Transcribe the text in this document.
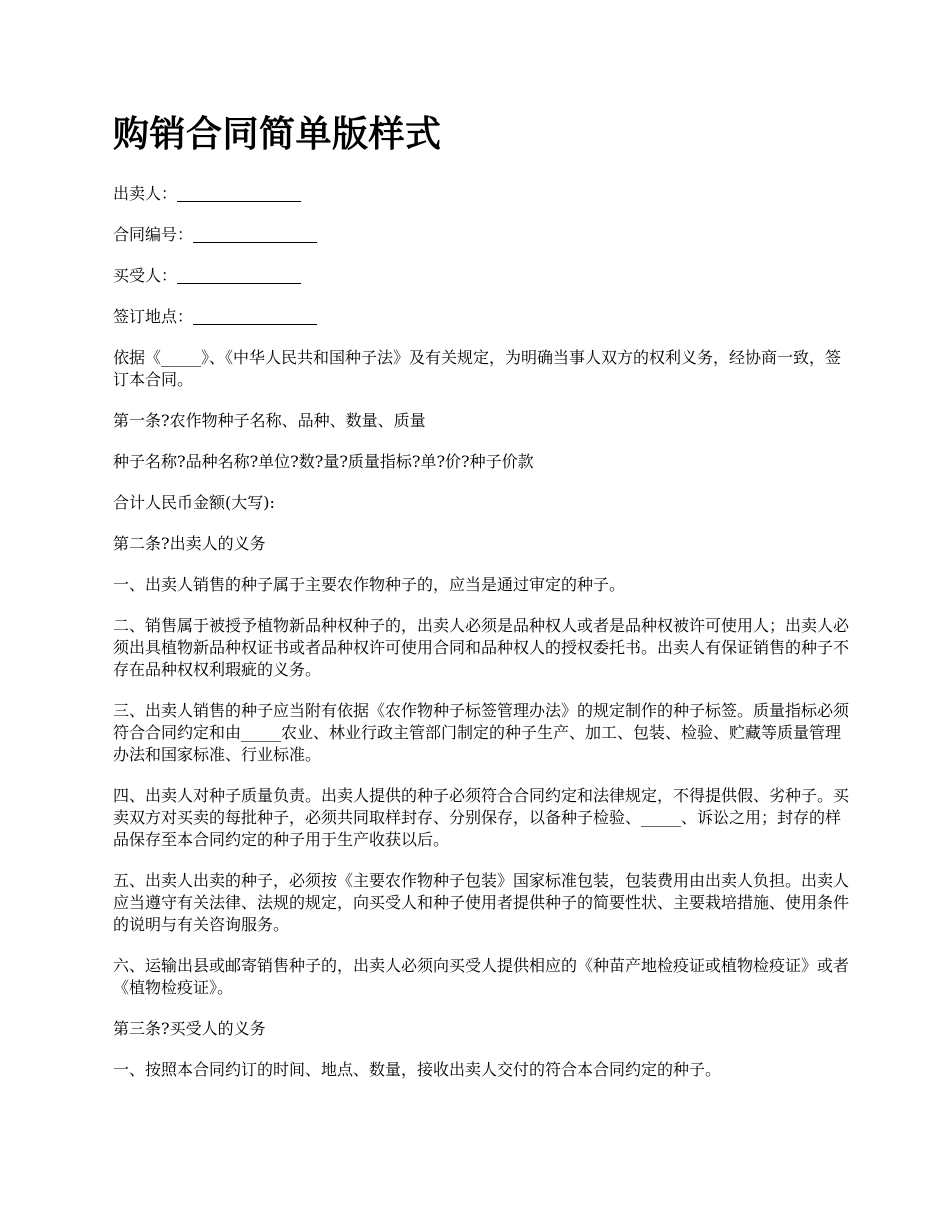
购销合同简单版样式
出卖人：
合同编号：
买受人：
签订地点：

依据《_____》、《中华人民共和国种子法》及有关规定，为明确当事人双方的权利义务，经协商一致，签订本合同。

第一条?农作物种子名称、品种、数量、质量

种子名称?品种名称?单位?数?量?质量指标?单?价?种子价款

合计人民币金额(大写):

第二条?出卖人的义务

一、出卖人销售的种子属于主要农作物种子的，应当是通过审定的种子。

二、销售属于被授予植物新品种权种子的，出卖人必须是品种权人或者是品种权被许可使用人；出卖人必须出具植物新品种权证书或者品种权许可使用合同和品种权人的授权委托书。出卖人有保证销售的种子不存在品种权权利瑕疵的义务。

三、出卖人销售的种子应当附有依据《农作物种子标签管理办法》的规定制作的种子标签。质量指标必须符合合同约定和由_____农业、林业行政主管部门制定的种子生产、加工、包装、检验、贮藏等质量管理办法和国家标准、行业标准。

四、出卖人对种子质量负责。出卖人提供的种子必须符合合同约定和法律规定，不得提供假、劣种子。买卖双方对买卖的每批种子，必须共同取样封存、分别保存，以备种子检验、_____、诉讼之用；封存的样品保存至本合同约定的种子用于生产收获以后。

五、出卖人出卖的种子，必须按《主要农作物种子包装》国家标准包装，包装费用由出卖人负担。出卖人应当遵守有关法律、法规的规定，向买受人和种子使用者提供种子的简要性状、主要栽培措施、使用条件的说明与有关咨询服务。

六、运输出县或邮寄销售种子的，出卖人必须向买受人提供相应的《种苗产地检疫证或植物检疫证》或者《植物检疫证》。

第三条?买受人的义务

一、按照本合同约订的时间、地点、数量，接收出卖人交付的符合本合同约定的种子。
